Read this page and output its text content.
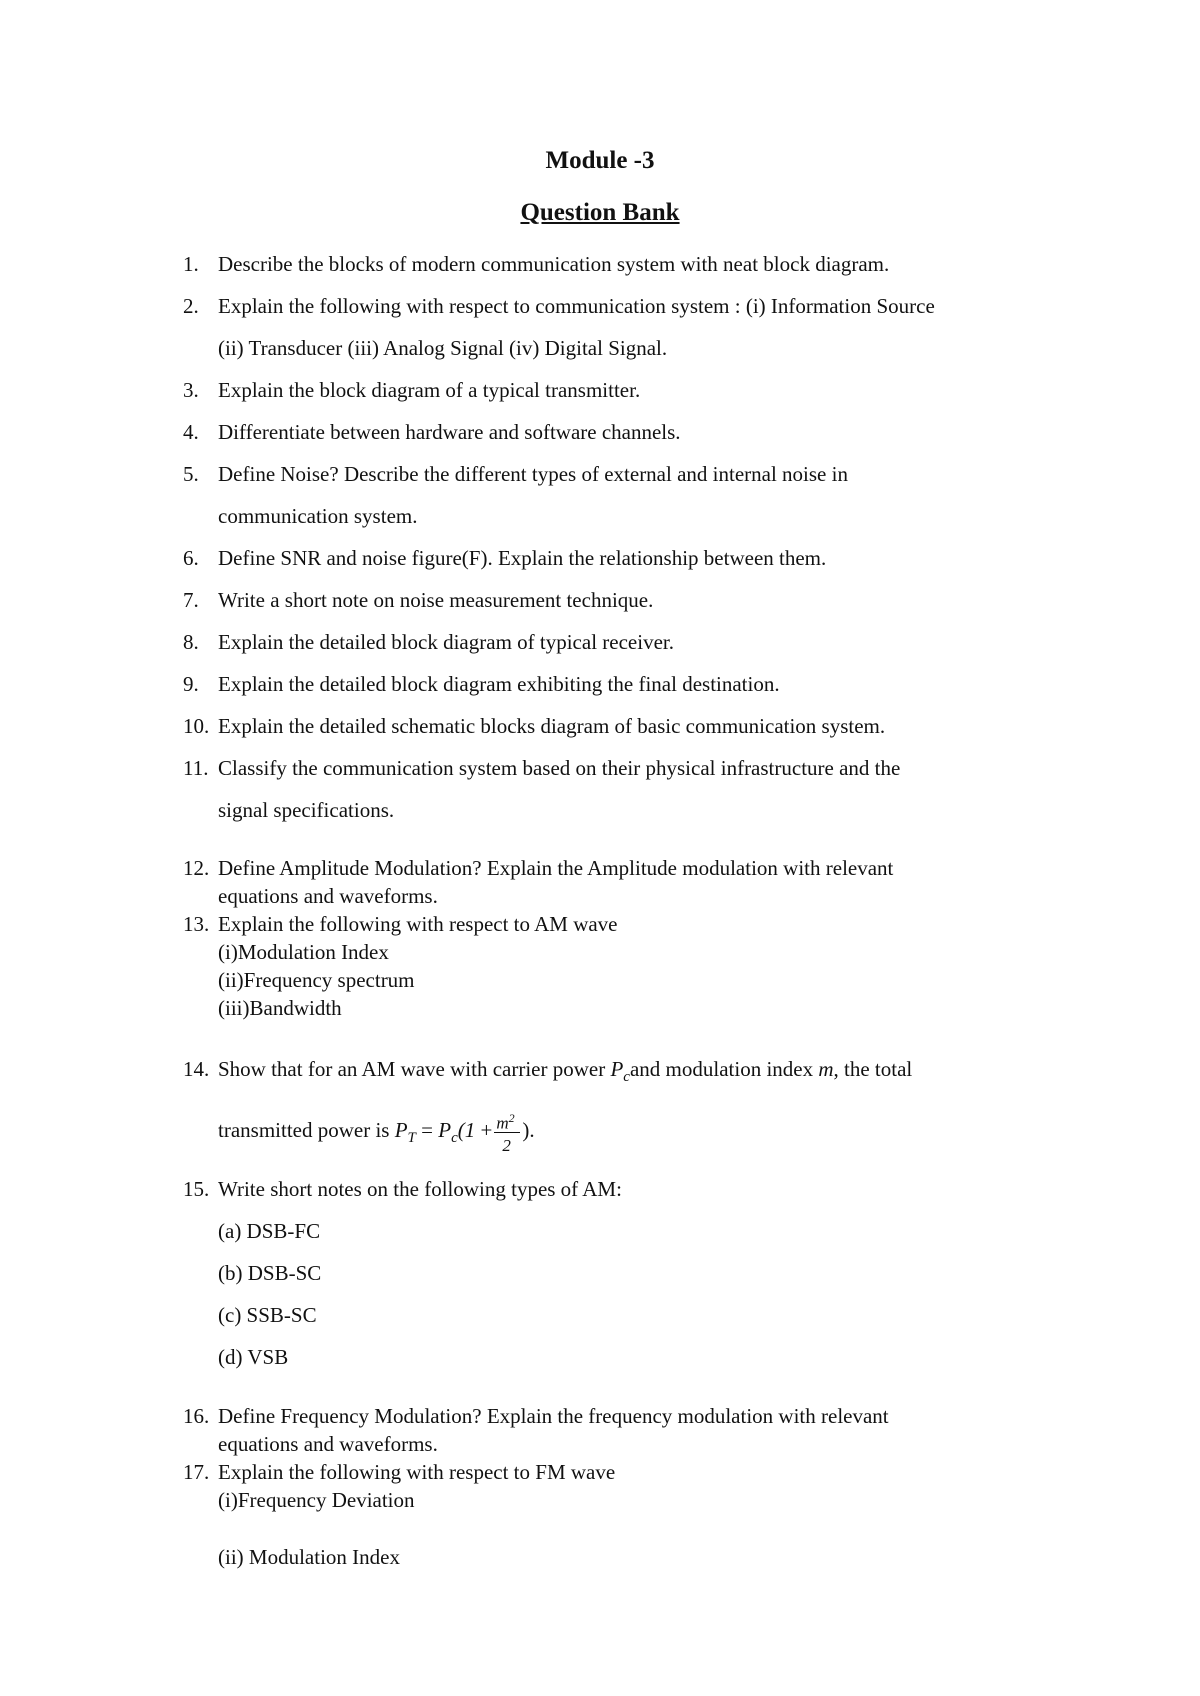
Module -3
Question Bank
1. Describe the blocks of modern communication system with neat block diagram.
2. Explain the following with respect to communication system : (i) Information Source
(ii) Transducer (iii) Analog Signal (iv) Digital Signal.
3. Explain the block diagram of a typical transmitter.
4. Differentiate between hardware and software channels.
5. Define Noise? Describe the different types of external and internal noise in
communication system.
6. Define SNR and noise figure(F). Explain the relationship between them.
7. Write a short note on noise measurement technique.
8. Explain the detailed block diagram of typical receiver.
9. Explain the detailed block diagram exhibiting the final destination.
10. Explain the detailed schematic blocks diagram of basic communication system.
11. Classify the communication system based on their physical infrastructure and the
signal specifications.
12. Define Amplitude Modulation? Explain the Amplitude modulation with relevant
equations and waveforms.
13. Explain the following with respect to AM wave
(i)Modulation Index
(ii)Frequency spectrum
(iii)Bandwidth
14. Show that for an AM wave with carrier power $P_cand$ modulation index m, the total
transmitted power is $P_T = P_c(1 + \frac{m^2}{2}$ ).
15. Write short notes on the following types of AM:
(a) DSB-FC
(b) DSB-SC
(c) SSB-SC
(d) VSB
16. Define Frequency Modulation? Explain the frequency modulation with relevant
equations and waveforms.
17. Explain the following with respect to FM wave
(i)Frequency Deviation
(ii) Modulation Index
